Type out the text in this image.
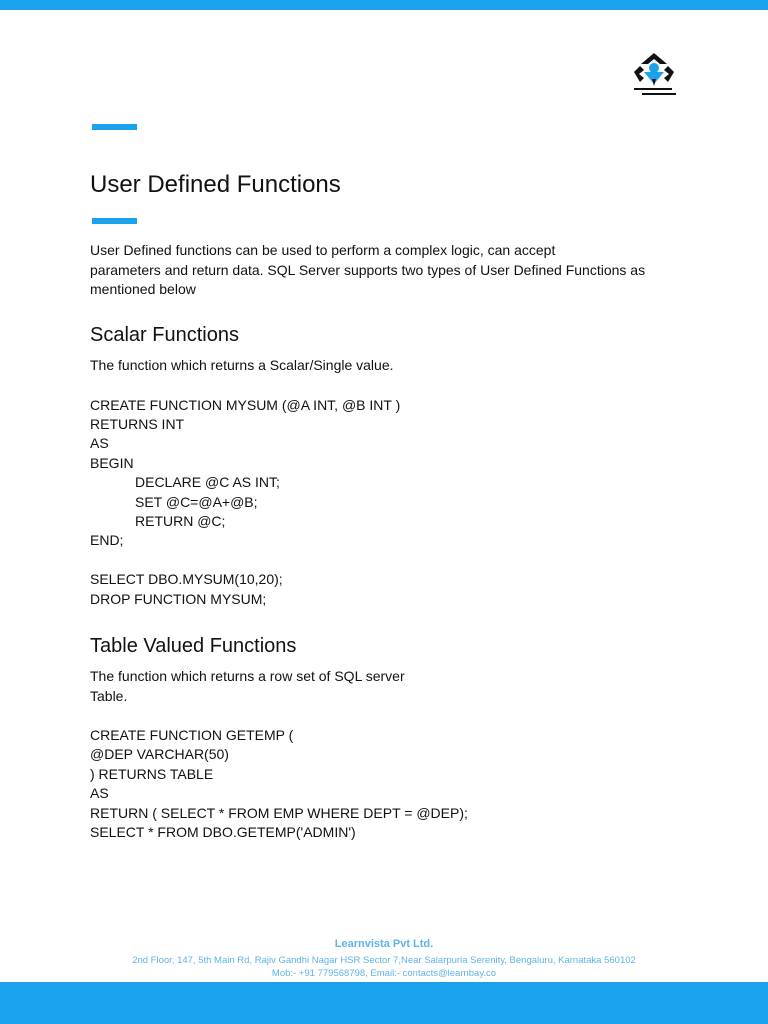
User Defined Functions
User Defined functions can be used to perform a complex logic, can accept
parameters and return data. SQL Server supports two types of User Defined Functions as
mentioned below
Scalar Functions

The function which returns a Scalar/Single value.

CREATE FUNCTION MYSUM (@A INT, @B INT )
RETURNS INT
AS
BEGIN
DECLARE @C AS INT;
SET @C=@A+@B;
RETURN @C;
END;
SELECT DBO.MYSUM(10,20);
DROP FUNCTION MYSUM;
Table Valued Functions
The function which returns a row set of SQL server
Table.
CREATE FUNCTION GETEMP (
@DEP VARCHAR(50)
) RETURNS TABLE
AS
RETURN ( SELECT * FROM EMP WHERE DEPT = @DEP);
SELECT * FROM DBO.GETEMP('ADMIN')
Learnvista Pvt Ltd.
2nd Floor, 147, 5th Main Rd, Rajiv Gandhi Nagar HSR Sector 7,Near Salarpuria Serenity, Bengaluru, Karnataka 560102
Mob:- +91 779568798, Email:- contacts@learnbay.co
